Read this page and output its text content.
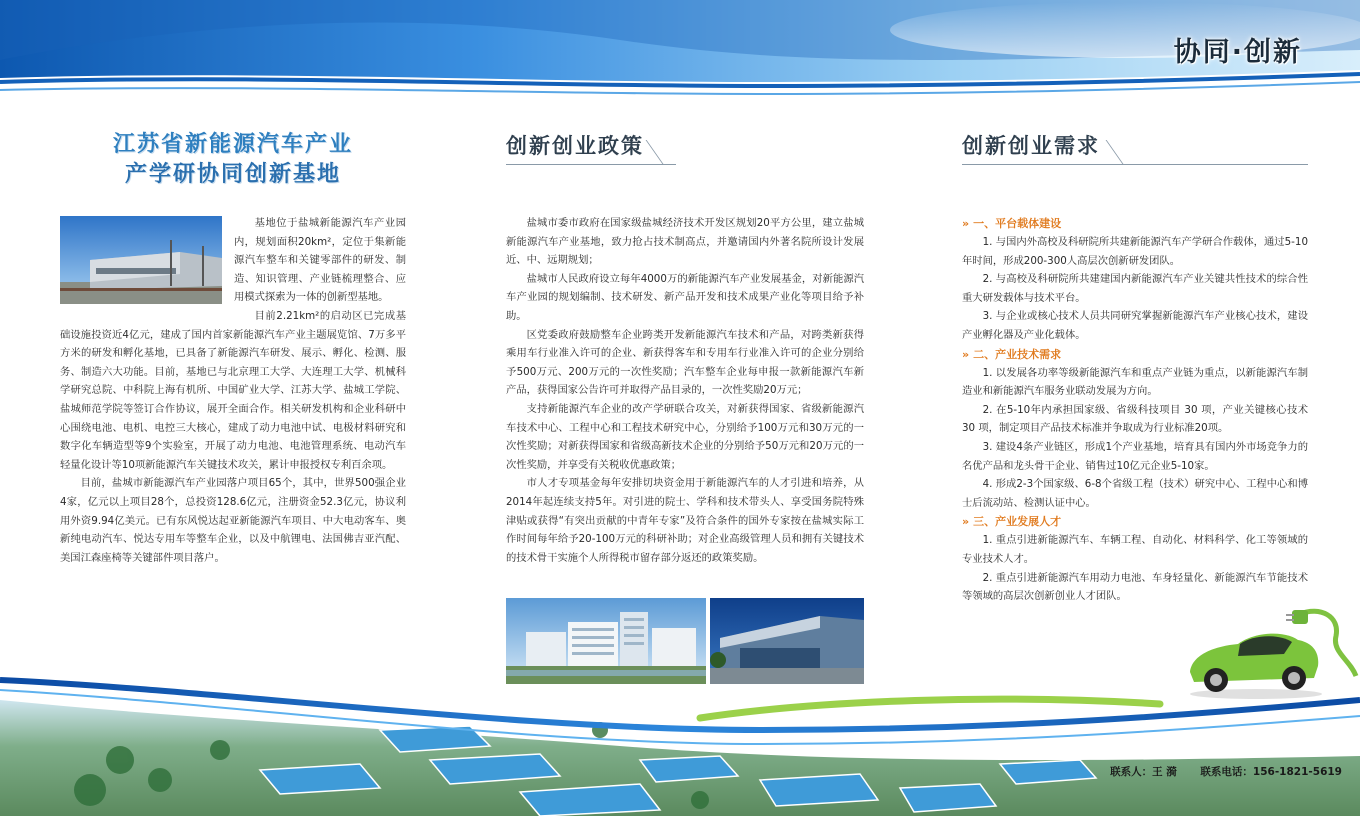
协同·创新
江苏省新能源汽车产业
产学研协同创新基地

基地位于盐城新能源汽车产业园内，规划面积20km²，定位于集新能源汽车整车和关键零部件的研发、制造、知识管理、产业链梳理整合、应用模式探索为一体的创新型基地。

目前2.21km²的启动区已完成基础设施投资近4亿元，建成了国内首家新能源汽车产业主题展览馆、7万多平方米的研发和孵化基地，已具备了新能源汽车研发、展示、孵化、检测、服务、制造六大功能。目前，基地已与北京理工大学、大连理工大学、机械科学研究总院、中科院上海有机所、中国矿业大学、江苏大学、盐城工学院、盐城师范学院等签订合作协议，展开全面合作。相关研发机构和企业科研中心围绕电池、电机、电控三大核心，建成了动力电池中试、电极材料研究和数字化车辆造型等9个实验室，开展了动力电池、电池管理系统、电动汽车轻量化设计等10项新能源汽车关键技术攻关，累计申报授权专利百余项。

目前，盐城市新能源汽车产业园落户项目65个，其中，世界500强企业4家，亿元以上项目28个，总投资128.6亿元，注册资金52.3亿元，协议利用外资9.94亿美元。已有东风悦达起亚新能源汽车项目、中大电动客车、奥新纯电动汽车、悦达专用车等整车企业，以及中航锂电、法国佛吉亚汽配、美国江森座椅等关键部件项目落户。

创新创业政策

盐城市委市政府在国家级盐城经济技术开发区规划20平方公里，建立盐城新能源汽车产业基地，致力抢占技术制高点，并邀请国内外著名院所设计发展近、中、远期规划；

盐城市人民政府设立每年4000万的新能源汽车产业发展基金，对新能源汽车产业园的规划编制、技术研发、新产品开发和技术成果产业化等项目给予补助。

区党委政府鼓励整车企业跨类开发新能源汽车技术和产品，对跨类新获得乘用车行业准入许可的企业、新获得客车和专用车行业准入许可的企业分别给予500万元、200万元的一次性奖励；汽车整车企业每申报一款新能源汽车新产品，获得国家公告许可并取得产品目录的，一次性奖励20万元；

支持新能源汽车企业的改产学研联合攻关，对新获得国家、省级新能源汽车技术中心、工程中心和工程技术研究中心，分别给予100万元和30万元的一次性奖励；对新获得国家和省级高新技术企业的分别给予50万元和20万元的一次性奖励，并享受有关税收优惠政策；

市人才专项基金每年安排切块资金用于新能源汽车的人才引进和培养，从2014年起连续支持5年。对引进的院士、学科和技术带头人、享受国务院特殊津贴或获得“有突出贡献的中青年专家”及符合条件的国外专家按在盐城实际工作时间每年给予20-100万元的科研补助；对企业高级管理人员和拥有关键技术的技术骨干实施个人所得税市留存部分返还的政策奖励。

创新创业需求

» 一、平台载体建设

1. 与国内外高校及科研院所共建新能源汽车产学研合作载体，通过5-10年时间，形成200-300人高层次创新研发团队。

2. 与高校及科研院所共建建国内新能源汽车产业关键共性技术的综合性重大研发载体与技术平台。

3. 与企业或核心技术人员共同研究掌握新能源汽车产业核心技术，建设产业孵化器及产业化载体。

» 二、产业技术需求

1. 以发展各功率等级新能源汽车和重点产业链为重点，以新能源汽车制造业和新能源汽车服务业联动发展为方向。

2. 在5-10年内承担国家级、省级科技项目 30 项，产业关键核心技术 30 项，制定项目产品技术标准并争取成为行业标准20项。

3. 建设4条产业链区，形成1个产业基地，培育具有国内外市场竞争力的名优产品和龙头骨干企业、销售过10亿元企业5-10家。

4. 形成2-3个国家级、6-8个省级工程（技术）研究中心、工程中心和博士后流动站、检测认证中心。

» 三、产业发展人才

1. 重点引进新能源汽车、车辆工程、自动化、材料科学、化工等领域的专业技术人才。

2. 重点引进新能源汽车用动力电池、车身轻量化、新能源汽车节能技术等领域的高层次创新创业人才团队。

联系人：王 漪 联系电话：156-1821-5619
